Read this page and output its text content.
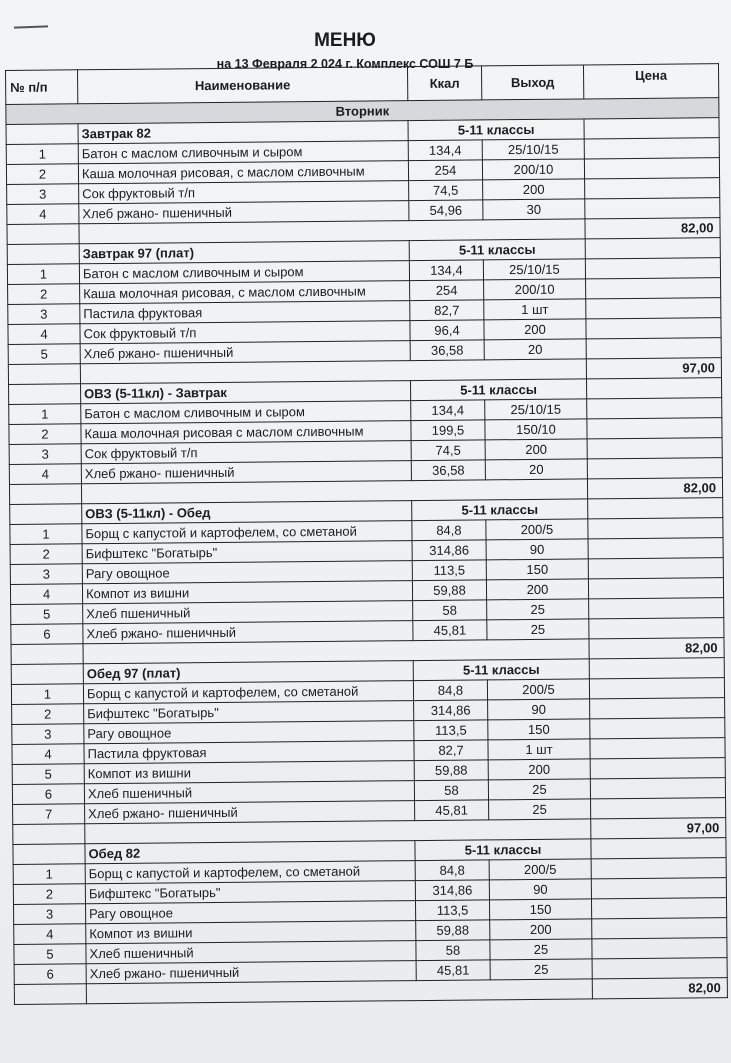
МЕНЮ
на 13 Февраля 2 024 г. Комплекс СОШ 7 Б
№ п/п	Наименование	Ккал	Выход	Цена
Вторник				
	Завтрак 82	5-11 классы		
1	Батон с маслом сливочным и сыром	134,4	25/10/15	
2	Каша молочная рисовая, с маслом сливочным	254	200/10	
3	Сок фруктовый т/п	74,5	200	
4	Хлеб ржано- пшеничный	54,96	30	
				82,00
	Завтрак 97 (плат)	5-11 классы		
1	Батон с маслом сливочным и сыром	134,4	25/10/15	
2	Каша молочная рисовая, с маслом сливочным	254	200/10	
3	Пастила фруктовая	82,7	1 шт	
4	Сок фруктовый т/п	96,4	200	
5	Хлеб ржано- пшеничный	36,58	20	
				97,00
	ОВЗ (5-11кл) - Завтрак	5-11 классы		
1	Батон с маслом сливочным и сыром	134,4	25/10/15	
2	Каша молочная рисовая с маслом сливочным	199,5	150/10	
3	Сок фруктовый т/п	74,5	200	
4	Хлеб ржано- пшеничный	36,58	20	
				82,00
	ОВЗ (5-11кл) - Обед	5-11 классы		
1	Борщ с капустой и картофелем, со сметаной	84,8	200/5	
2	Бифштекс "Богатырь"	314,86	90	
3	Рагу овощное	113,5	150	
4	Компот из вишни	59,88	200	
5	Хлеб пшеничный	58	25	
6	Хлеб ржано- пшеничный	45,81	25	
				82,00
	Обед 97 (плат)	5-11 классы		
1	Борщ с капустой и картофелем, со сметаной	84,8	200/5	
2	Бифштекс "Богатырь"	314,86	90	
3	Рагу овощное	113,5	150	
4	Пастила фруктовая	82,7	1 шт	
5	Компот из вишни	59,88	200	
6	Хлеб пшеничный	58	25	
7	Хлеб ржано- пшеничный	45,81	25	
				97,00
	Обед 82	5-11 классы		
1	Борщ с капустой и картофелем, со сметаной	84,8	200/5	
2	Бифштекс "Богатырь"	314,86	90	
3	Рагу овощное	113,5	150	
4	Компот из вишни	59,88	200	
5	Хлеб пшеничный	58	25	
6	Хлеб ржано- пшеничный	45,81	25	
				82,00
